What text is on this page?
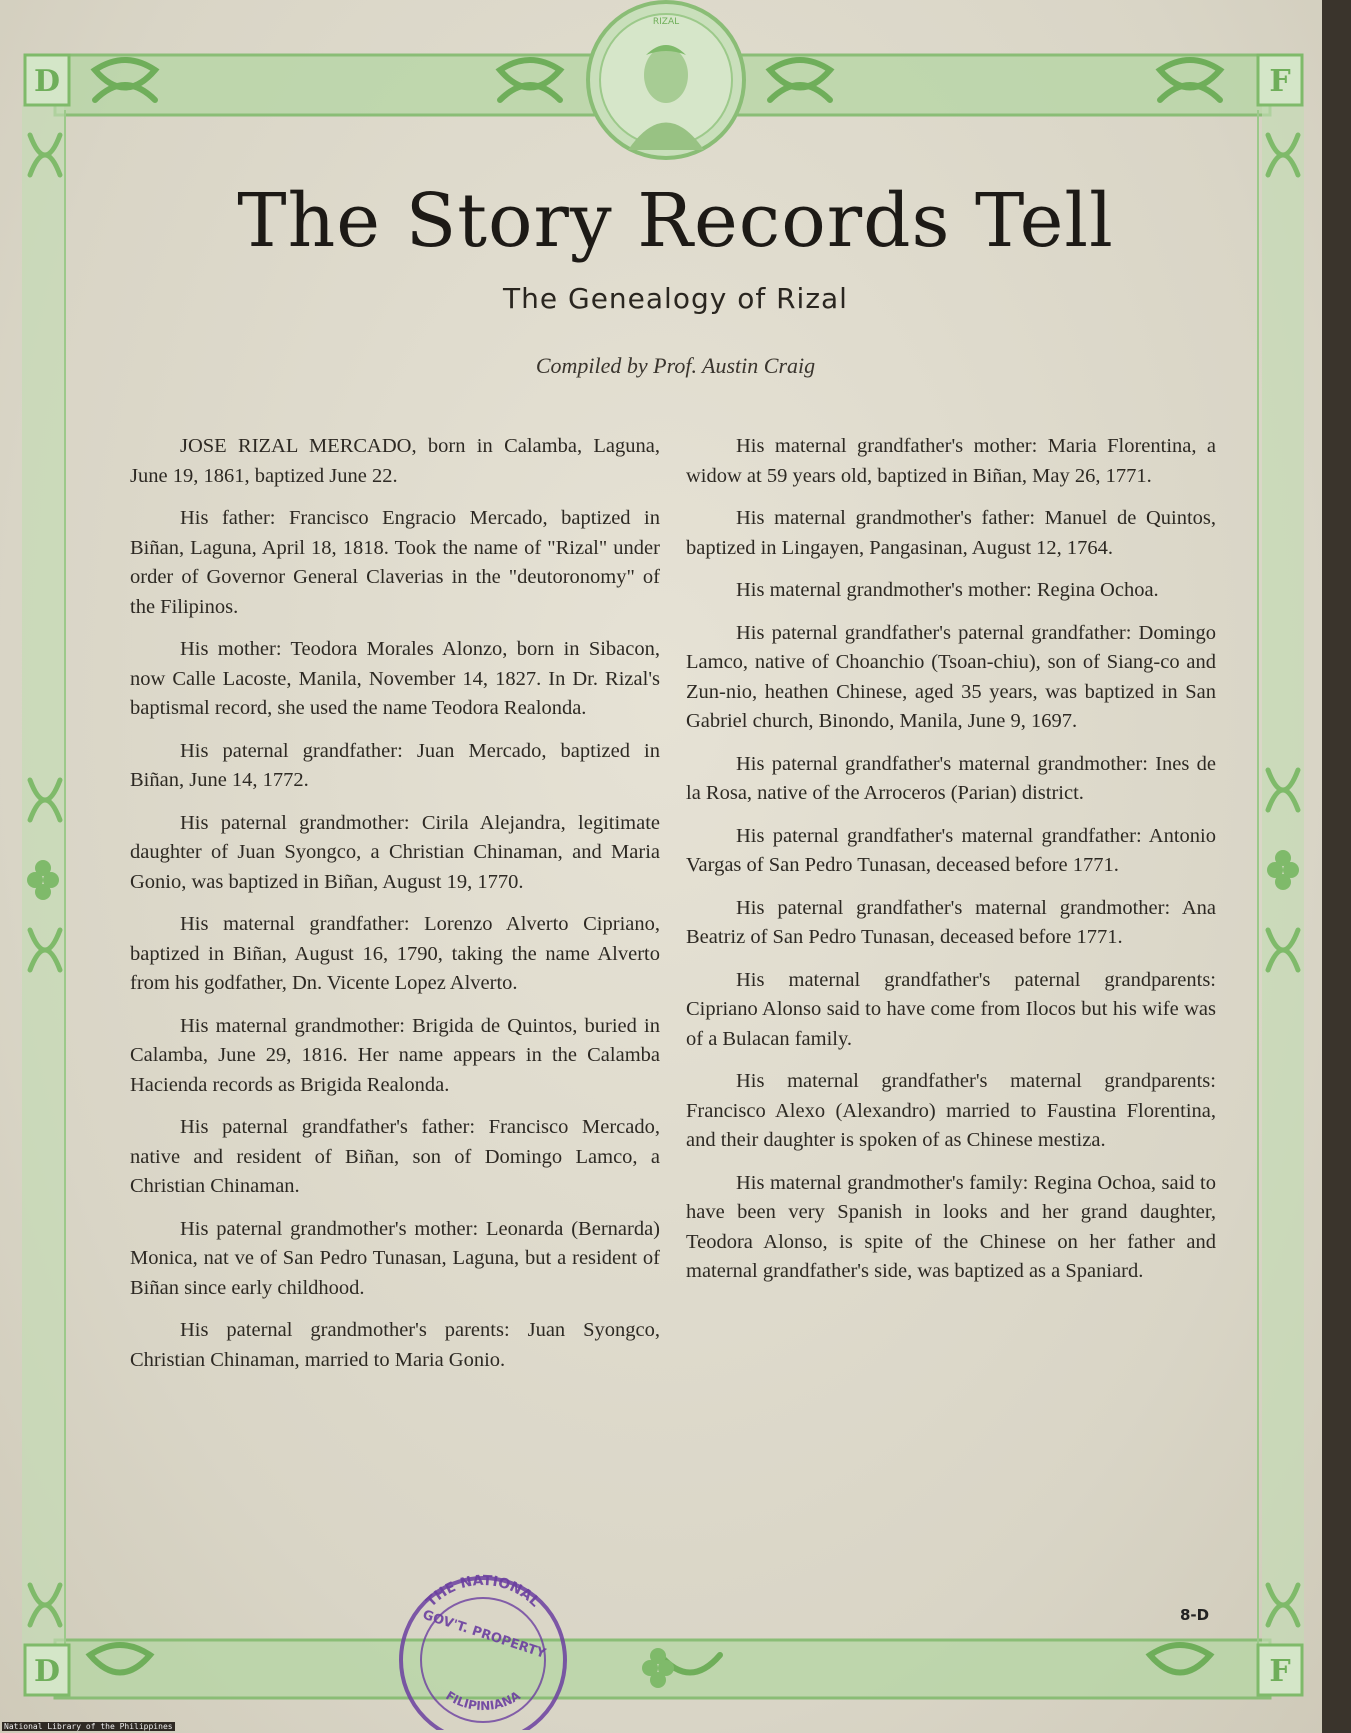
D	F
D	F
RIZAL
The Story Records Tell
The Genealogy of Rizal
Compiled by Prof. Austin Craig

JOSE RIZAL MERCADO, born in Calamba, Laguna, June 19, 1861, baptized June 22.

His father: Francisco Engracio Mercado, baptized in Biñan, Laguna, April 18, 1818. Took the name of "Rizal" under order of Governor General Claverias in the "deutoronomy" of the Filipinos.

His mother: Teodora Morales Alonzo, born in Sibacon, now Calle Lacoste, Manila, November 14, 1827. In Dr. Rizal's baptismal record, she used the name Teodora Realonda.

His paternal grandfather: Juan Mercado, baptized in Biñan, June 14, 1772.

His paternal grandmother: Cirila Alejandra, legitimate daughter of Juan Syongco, a Christian Chinaman, and Maria Gonio, was baptized in Biñan, August 19, 1770.

His maternal grandfather: Lorenzo Alverto Cipriano, baptized in Biñan, August 16, 1790, taking the name Alverto from his godfather, Dn. Vicente Lopez Alverto.

His maternal grandmother: Brigida de Quintos, buried in Calamba, June 29, 1816. Her name appears in the Calamba Hacienda records as Brigida Realonda.

His paternal grandfather's father: Francisco Mercado, native and resident of Biñan, son of Domingo Lamco, a Christian Chinaman.

His paternal grandmother's mother: Leonarda (Bernarda) Monica, nat ve of San Pedro Tunasan, Laguna, but a resident of Biñan since early childhood.

His paternal grandmother's parents: Juan Syongco, Christian Chinaman, married to Maria Gonio.

His maternal grandfather's mother: Maria Florentina, a widow at 59 years old, baptized in Biñan, May 26, 1771.

His maternal grandmother's father: Manuel de Quintos, baptized in Lingayen, Pangasinan, August 12, 1764.

His maternal grandmother's mother: Regina Ochoa.

His paternal grandfather's paternal grandfather: Domingo Lamco, native of Choanchio (Tsoan-chiu), son of Siang-co and Zun-nio, heathen Chinese, aged 35 years, was baptized in San Gabriel church, Binondo, Manila, June 9, 1697.

His paternal grandfather's maternal grandmother: Ines de la Rosa, native of the Arroceros (Parian) district.

His paternal grandfather's maternal grandfather: Antonio Vargas of San Pedro Tunasan, deceased before 1771.

His paternal grandfather's maternal grandmother: Ana Beatriz of San Pedro Tunasan, deceased before 1771.

His maternal grandfather's paternal grandparents: Cipriano Alonso said to have come from Ilocos but his wife was of a Bulacan family.

His maternal grandfather's maternal grandparents: Francisco Alexo (Alexandro) married to Faustina Florentina, and their daughter is spoken of as Chinese mestiza.

His maternal grandmother's family: Regina Ochoa, said to have been very Spanish in looks and her grand daughter, Teodora Alonso, is spite of the Chinese on her father and maternal grandfather's side, was baptized as a Spaniard.

8-D
THE NATIONAL
GOV'T. PROPERTY
FILIPINIANA
National Library of the Philippines
